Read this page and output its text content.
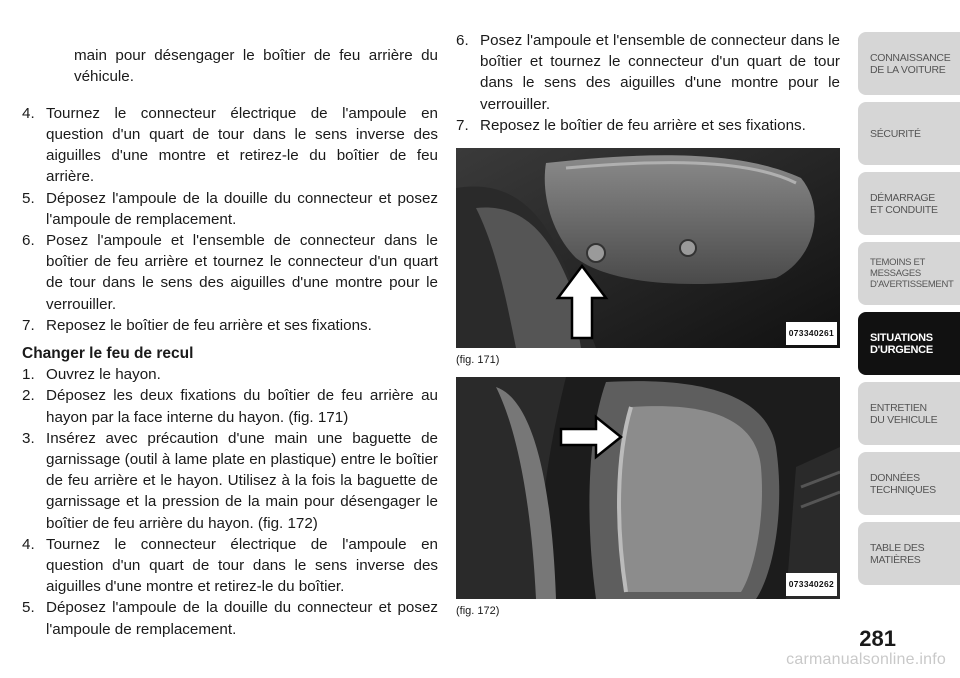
main pour désengager le boîtier de feu arrière du véhicule.

4. Tournez le connecteur électrique de l'ampoule en question d'un quart de tour dans le sens inverse des aiguilles d'une montre et retirez-le du boîtier de feu arrière.
5. Déposez l'ampoule de la douille du connecteur et posez l'ampoule de remplacement.
6. Posez l'ampoule et l'ensemble de connecteur dans le boîtier de feu arrière et tournez le connecteur d'un quart de tour dans le sens des aiguilles d'une montre pour le verrouiller.
7. Reposez le boîtier de feu arrière et ses fixations.
Changer le feu de recul
1. Ouvrez le hayon.
2. Déposez les deux fixations du boîtier de feu arrière au hayon par la face interne du hayon. (fig. 171)
3. Insérez avec précaution d'une main une baguette de garnissage (outil à lame plate en plastique) entre le boîtier de feu arrière et le hayon. Utilisez à la fois la baguette de garnissage et la pression de la main pour désengager le boîtier de feu arrière du hayon. (fig. 172)
4. Tournez le connecteur électrique de l'ampoule en question d'un quart de tour dans le sens inverse des aiguilles d'une montre et retirez-le du boîtier.
5. Déposez l'ampoule de la douille du connecteur et posez l'ampoule de remplacement.
6. Posez l'ampoule et l'ensemble de connecteur dans le boîtier et tournez le connecteur d'un quart de tour dans le sens des aiguilles d'une montre pour le verrouiller.
7. Reposez le boîtier de feu arrière et ses fixations.
073340261
(fig. 171)
073340262
(fig. 172)
CONNAISSANCE
DE LA VOITURE
SÉCURITÉ
DÉMARRAGE
ET CONDUITE
TEMOINS ET
MESSAGES
D'AVERTISSEMENT
SITUATIONS
D'URGENCE
ENTRETIEN
DU VEHICULE
DONNÉES
TECHNIQUES
TABLE DES
MATIÈRES
281
carmanualsonline.info
